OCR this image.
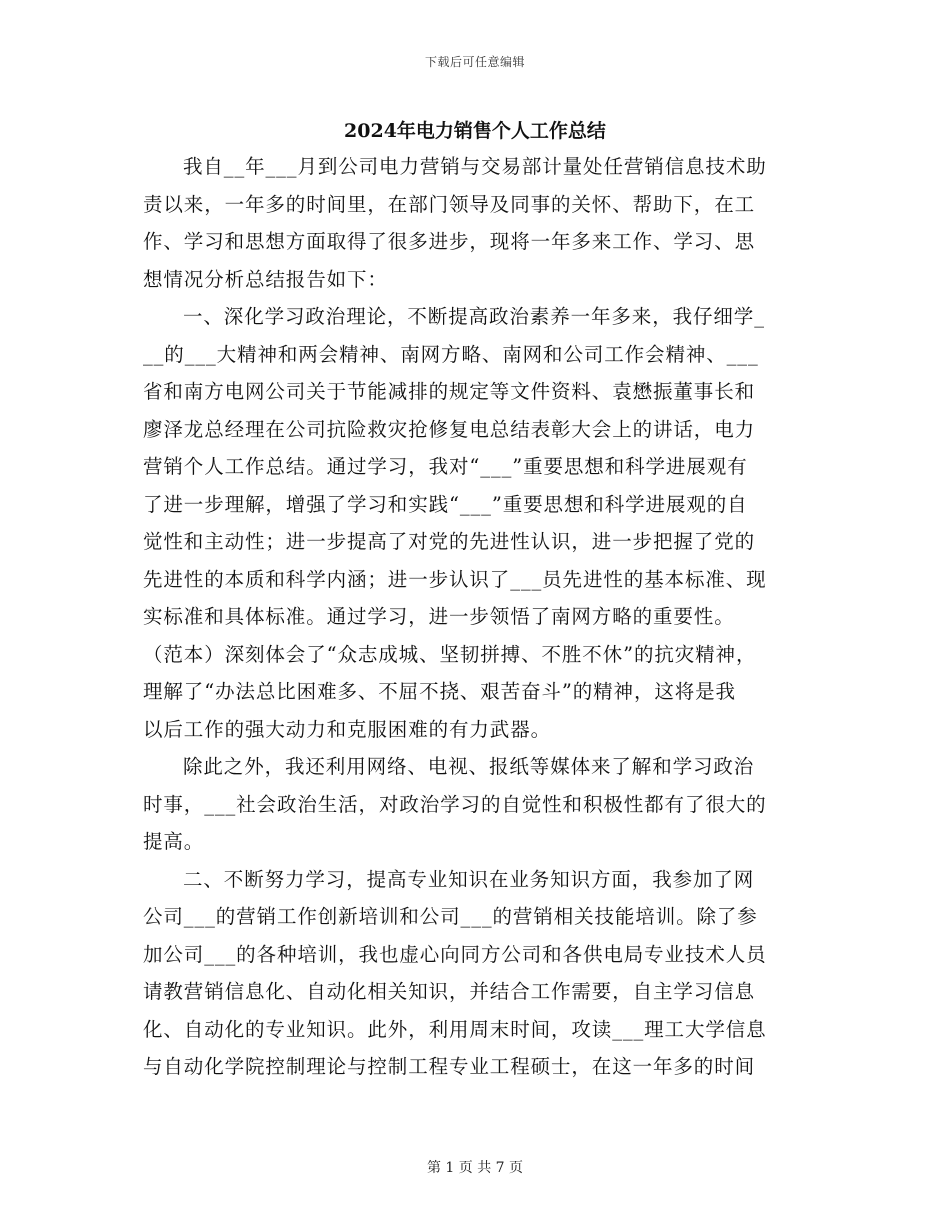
下载后可任意编辑
2024年电力销售个人工作总结
我自__年___月到公司电力营销与交易部计量处任营销信息技术助
责以来，一年多的时间里，在部门领导及同事的关怀、帮助下，在工
作、学习和思想方面取得了很多进步，现将一年多来工作、学习、思
想情况分析总结报告如下：
一、深化学习政治理论，不断提高政治素养一年多来，我仔细学_
__的___大精神和两会精神、南网方略、南网和公司工作会精神、___
省和南方电网公司关于节能减排的规定等文件资料、袁懋振董事长和
廖泽龙总经理在公司抗险救灾抢修复电总结表彰大会上的讲话，电力
营销个人工作总结。通过学习，我对“___”重要思想和科学进展观有
了进一步理解，增强了学习和实践“___”重要思想和科学进展观的自
觉性和主动性；进一步提高了对党的先进性认识，进一步把握了党的
先进性的本质和科学内涵；进一步认识了___员先进性的基本标准、现
实标准和具体标准。通过学习，进一步领悟了南网方略的重要性。
（范本）深刻体会了“众志成城、坚韧拼搏、不胜不休”的抗灾精神，
理解了“办法总比困难多、不屈不挠、艰苦奋斗”的精神，这将是我
以后工作的强大动力和克服困难的有力武器。
除此之外，我还利用网络、电视、报纸等媒体来了解和学习政治
时事，___社会政治生活，对政治学习的自觉性和积极性都有了很大的
提高。
二、不断努力学习，提高专业知识在业务知识方面，我参加了网
公司___的营销工作创新培训和公司___的营销相关技能培训。除了参
加公司___的各种培训，我也虚心向同方公司和各供电局专业技术人员
请教营销信息化、自动化相关知识，并结合工作需要，自主学习信息
化、自动化的专业知识。此外，利用周末时间，攻读___理工大学信息
与自动化学院控制理论与控制工程专业工程硕士，在这一年多的时间
第 1 页 共 7 页
